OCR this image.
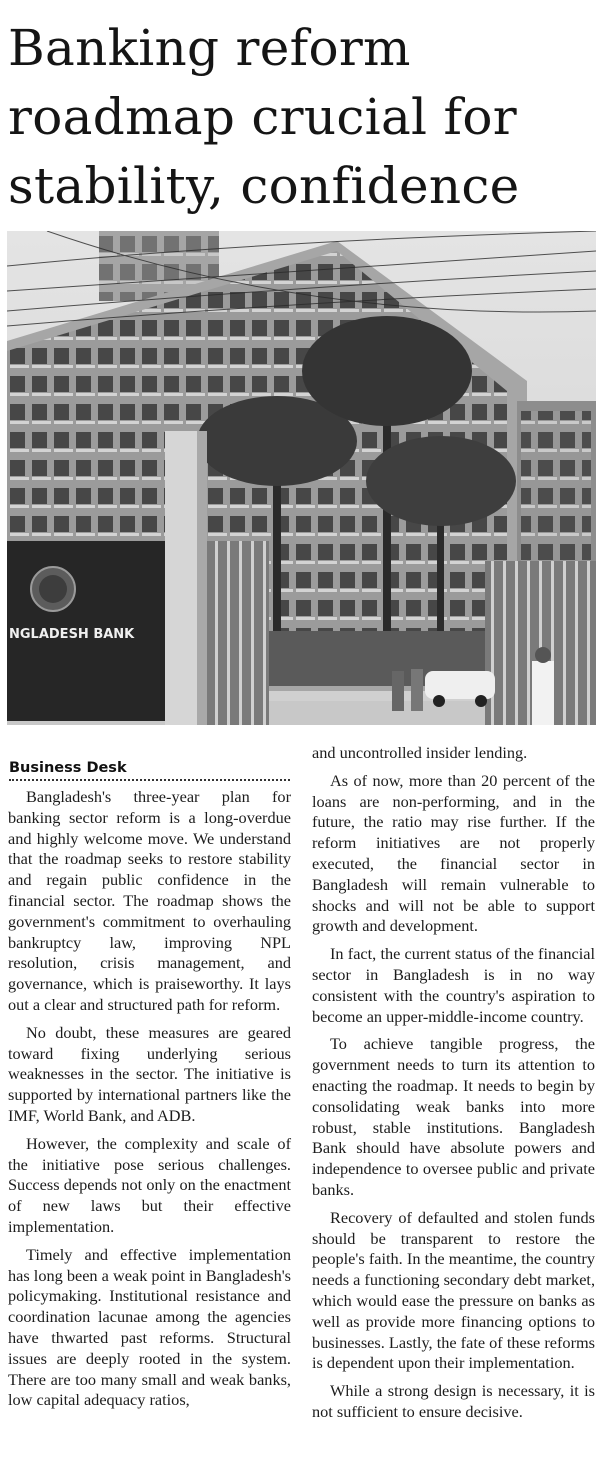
Banking reform roadmap crucial for stability, confidence
NGLADESH BANK
Business Desk

Bangladesh's three-year plan for banking sector reform is a long-overdue and highly welcome move. We understand that the roadmap seeks to restore stability and regain public confidence in the financial sector. The roadmap shows the government's commitment to overhauling bankruptcy law, improving NPL resolution, crisis management, and governance, which is praiseworthy. It lays out a clear and structured path for reform.

No doubt, these measures are geared toward fixing underlying serious weaknesses in the sector. The initiative is supported by international partners like the IMF, World Bank, and ADB.

However, the complexity and scale of the initiative pose serious challenges. Success depends not only on the enactment of new laws but their effective implementation.

Timely and effective implementation has long been a weak point in Bangladesh's policymaking. Institutional resistance and coordination lacunae among the agencies have thwarted past reforms. Structural issues are deeply rooted in the system. There are too many small and weak banks, low capital adequacy ratios,

and uncontrolled insider lending.

As of now, more than 20 percent of the loans are non-performing, and in the future, the ratio may rise further. If the reform initiatives are not properly executed, the financial sector in Bangladesh will remain vulnerable to shocks and will not be able to support growth and development.

In fact, the current status of the financial sector in Bangladesh is in no way consistent with the country's aspiration to become an upper-middle-income country.

To achieve tangible progress, the government needs to turn its attention to enacting the roadmap. It needs to begin by consolidating weak banks into more robust, stable institutions. Bangladesh Bank should have absolute powers and independence to oversee public and private banks.

Recovery of defaulted and stolen funds should be transparent to restore the people's faith. In the meantime, the country needs a functioning secondary debt market, which would ease the pressure on banks as well as provide more financing options to businesses. Lastly, the fate of these reforms is dependent upon their implementation.

While a strong design is necessary, it is not sufficient to ensure decisive.
